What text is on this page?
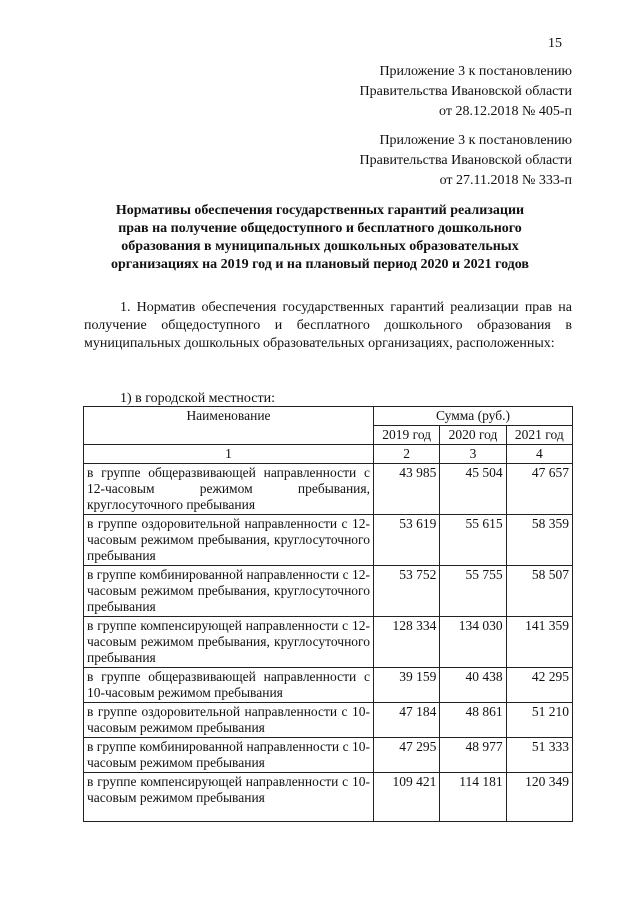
15
Приложение 3 к постановлению
Правительства Ивановской области
от 28.12.2018 № 405-п
Приложение 3 к постановлению
Правительства Ивановской области
от 27.11.2018 № 333-п
Нормативы обеспечения государственных гарантий реализации прав на получение общедоступного и бесплатного дошкольного образования в муниципальных дошкольных образовательных организациях на 2019 год и на плановый период 2020 и 2021 годов
1. Норматив обеспечения государственных гарантий реализации прав на получение общедоступного и бесплатного дошкольного образования в муниципальных дошкольных образовательных организациях, расположенных:
1) в городской местности:
Наименование	Сумма (руб.)		
	2019 год	2020 год	2021 год
1	2	3	4
в группе общеразвивающей направленности с 12-часовым режимом пребывания, круглосуточного пребывания	43 985	45 504	47 657
в группе оздоровительной направленности с 12-часовым режимом пребывания, круглосуточного пребывания	53 619	55 615	58 359
в группе комбинированной направленности с 12-часовым режимом пребывания, круглосуточного пребывания	53 752	55 755	58 507
в группе компенсирующей направленности с 12-часовым режимом пребывания, круглосуточного пребывания	128 334	134 030	141 359
в группе общеразвивающей направленности с 10-часовым режимом пребывания	39 159	40 438	42 295
в группе оздоровительной направленности с 10-часовым режимом пребывания	47 184	48 861	51 210
в группе комбинированной направленности с 10-часовым режимом пребывания	47 295	48 977	51 333
в группе компенсирующей направленности с 10-часовым режимом пребывания	109 421	114 181	120 349
